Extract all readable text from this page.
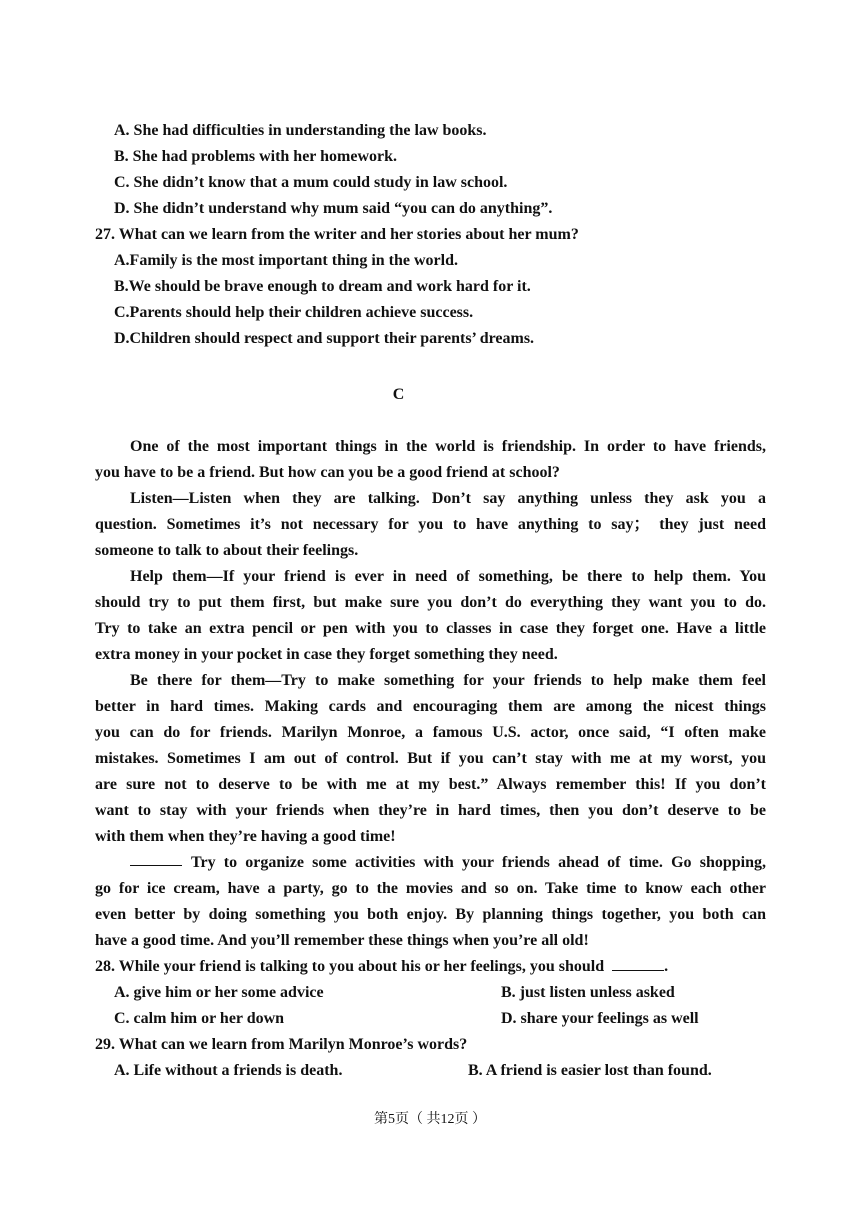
A. She had difficulties in understanding the law books.
B. She had problems with her homework.
C. She didn’t know that a mum could study in law school.
D. She didn’t understand why mum said “you can do anything”.
27. What can we learn from the writer and her stories about her mum?
A.Family is the most important thing in the world.
B.We should be brave enough to dream and work hard for it.
C.Parents should help their children achieve success.
D.Children should respect and support their parents’ dreams.
C
One of the most important things in the world is friendship. In order to have friends,
you have to be a friend. But how can you be a good friend at school?
Listen—Listen when they are talking. Don’t say anything unless they ask you a
question. Sometimes it’s not necessary for you to have anything to say； they just need
someone to talk to about their feelings.
Help them—If your friend is ever in need of something, be there to help them. You
should try to put them first, but make sure you don’t do everything they want you to do.
Try to take an extra pencil or pen with you to classes in case they forget one. Have a little
extra money in your pocket in case they forget something they need.
Be there for them—Try to make something for your friends to help make them feel
better in hard times. Making cards and encouraging them are among the nicest things
you can do for friends. Marilyn Monroe, a famous U.S. actor, once said, “I often make
mistakes. Sometimes I am out of control. But if you can’t stay with me at my worst, you
are sure not to deserve to be with me at my best.” Always remember this! If you don’t
want to stay with your friends when they’re in hard times, then you don’t deserve to be
with them when they’re having a good time!
Try to organize some activities with your friends ahead of time. Go shopping,
go for ice cream, have a party, go to the movies and so on. Take time to know each other
even better by doing something you both enjoy. By planning things together, you both can
have a good time. And you’ll remember these things when you’re all old!
28. While your friend is talking to you about his or her feelings, you should	.
A. give him or her some advice	B. just listen unless asked
C. calm him or her down	D. share your feelings as well
29. What can we learn from Marilyn Monroe’s words?
A. Life without a friends is death.	B. A friend is easier lost than found.
第5页（ 共12页 ）
